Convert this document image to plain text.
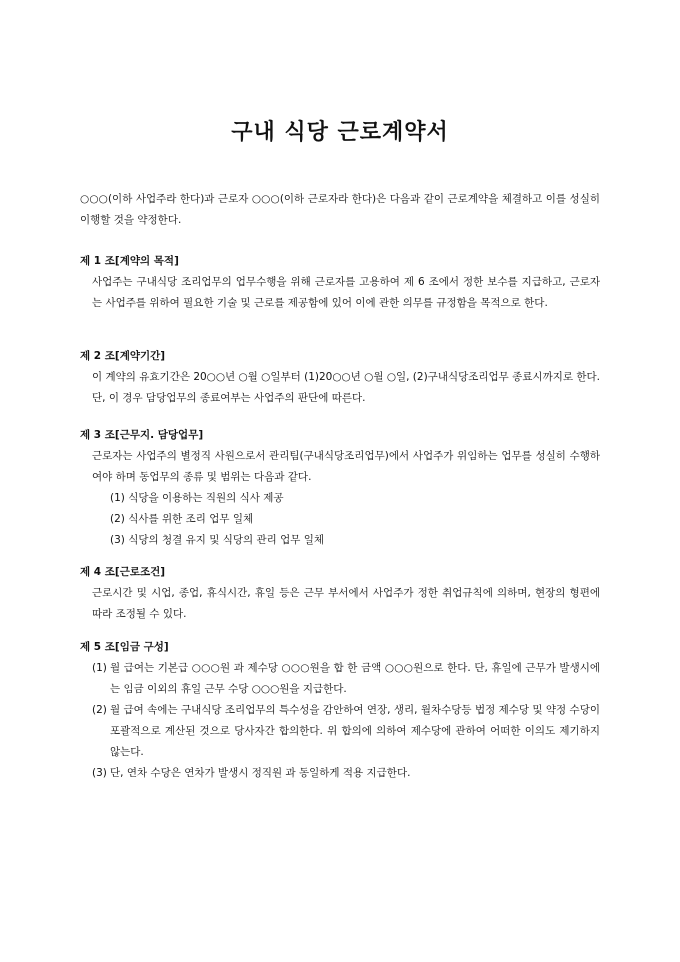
구내 식당 근로계약서

○○○(이하 사업주라 한다)과 근로자 ○○○(이하 근로자라 한다)은 다음과 같이 근로계약을 체결하고 이를 성실히 이행할 것을 약정한다.

제 1 조[계약의 목적]

사업주는 구내식당 조리업무의 업무수행을 위해 근로자를 고용하여 제 6 조에서 정한 보수를 지급하고, 근로자는 사업주를 위하여 필요한 기술 및 근로를 제공함에 있어 이에 관한 의무를 규정함을 목적으로 한다.

제 2 조[계약기간]

이 계약의 유효기간은 20○○년 ○월 ○일부터 (1)20○○년 ○월 ○일, (2)구내식당조리업무 종료시까지로 한다. 단, 이 경우 담당업무의 종료여부는 사업주의 판단에 따른다.

제 3 조[근무지. 담당업무]

근로자는 사업주의 별정직 사원으로서 관리팀(구내식당조리업무)에서 사업주가 위임하는 업무를 성실히 수행하여야 하며 동업무의 종류 및 범위는 다음과 같다.

(1) 식당을 이용하는 직원의 식사 제공
(2) 식사를 위한 조리 업무 일체
(3) 식당의 청결 유지 및 식당의 관리 업무 일체

제 4 조[근로조건]

근로시간 및 시업, 종업, 휴식시간, 휴일 등은 근무 부서에서 사업주가 정한 취업규칙에 의하며, 현장의 형편에 따라 조정될 수 있다.

제 5 조[임금 구성]

(1) 월 급여는 기본급 ○○○원 과 제수당 ○○○원을 합 한 금액 ○○○원으로 한다. 단, 휴일에 근무가 발생시에는 임금 이외의 휴일 근무 수당 ○○○원을 지급한다.
(2) 월 급여 속에는 구내식당 조리업무의 특수성을 감안하여 연장, 생리, 월차수당등 법정 제수당 및 약정 수당이 포괄적으로 계산된 것으로 당사자간 합의한다. 위 합의에 의하여 제수당에 관하여 어떠한 이의도 제기하지 않는다.
(3) 단, 연차 수당은 연차가 발생시 정직원 과 동일하게 적용 지급한다.
